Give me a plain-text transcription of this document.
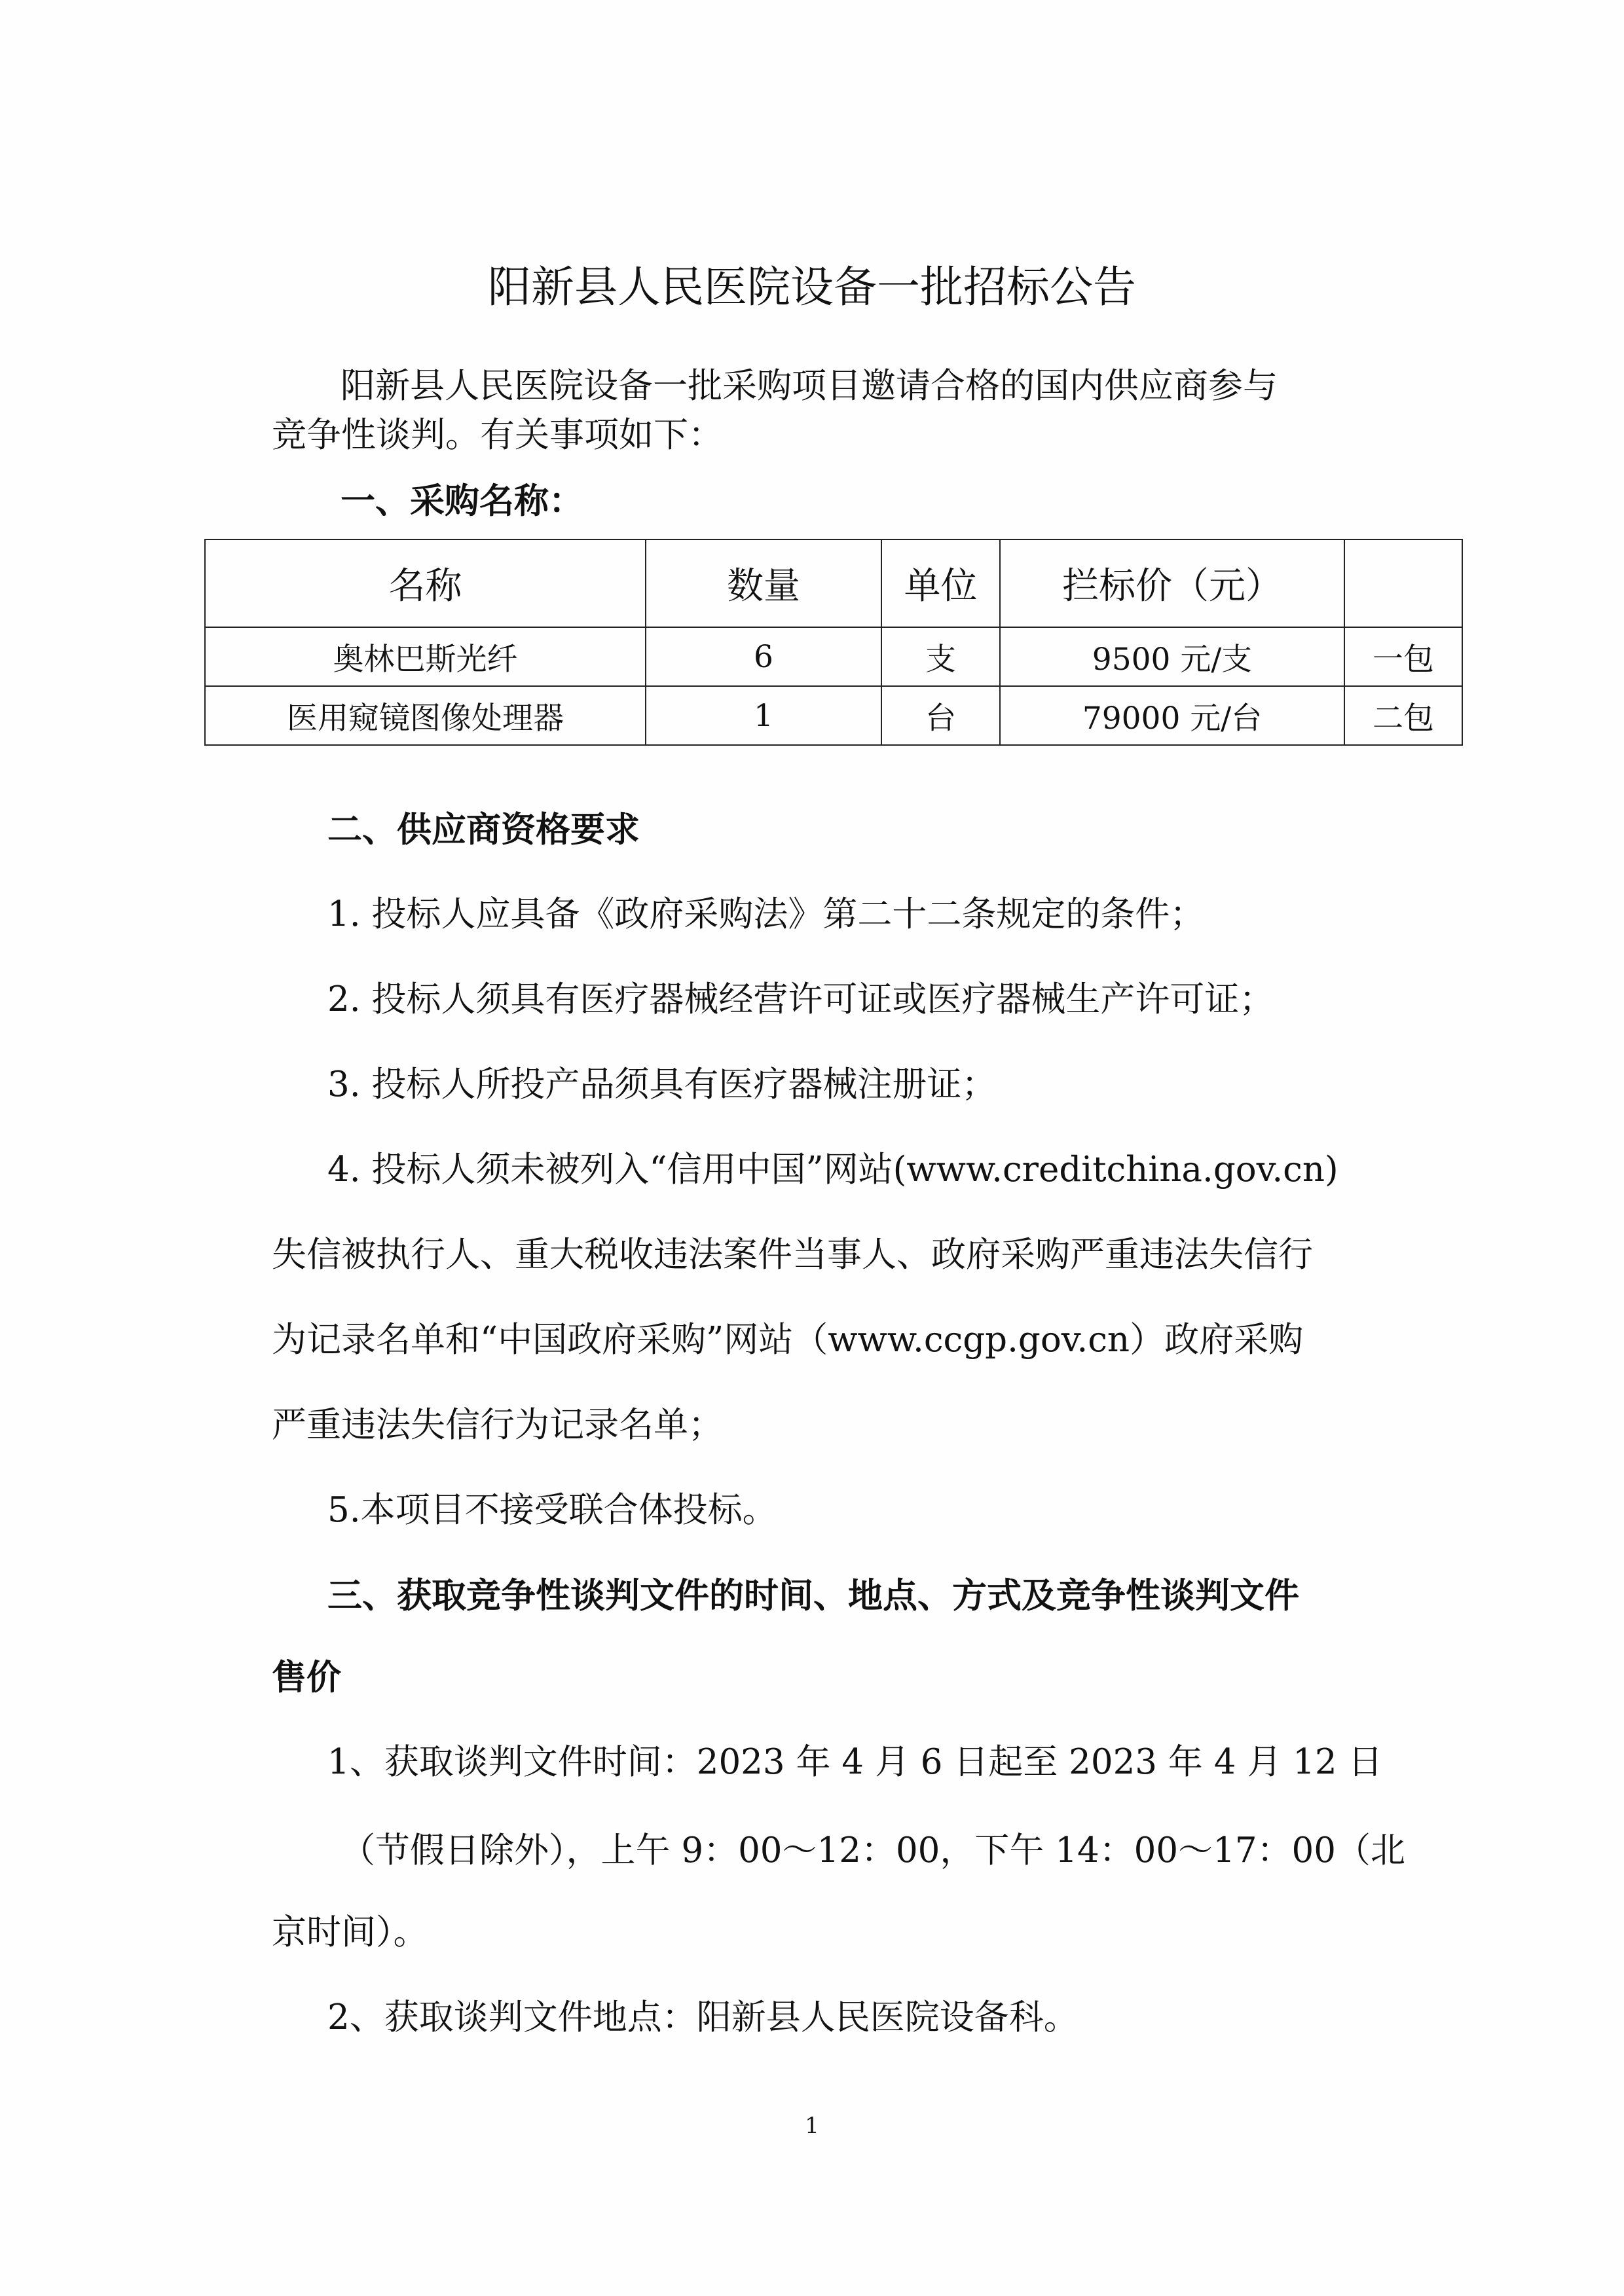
阳新县人民医院设备一批招标公告
阳新县人民医院设备一批采购项目邀请合格的国内供应商参与
竞争性谈判。有关事项如下：
一、采购名称：
名称	数量	单位	拦标价（元）	
奥林巴斯光纤	6	支	9500 元/支	一包
医用窥镜图像处理器	1	台	79000 元/台	二包
二、供应商资格要求
1. 投标人应具备《政府采购法》第二十二条规定的条件；
2. 投标人须具有医疗器械经营许可证或医疗器械生产许可证；
3. 投标人所投产品须具有医疗器械注册证；
4. 投标人须未被列入“信用中国”网站(www.creditchina.gov.cn)
失信被执行人、重大税收违法案件当事人、政府采购严重违法失信行
为记录名单和“中国政府采购”网站（www.ccgp.gov.cn）政府采购
严重违法失信行为记录名单；
5.本项目不接受联合体投标。
三、获取竞争性谈判文件的时间、地点、方式及竞争性谈判文件
售价
1、获取谈判文件时间：2023 年 4 月 6 日起至 2023 年 4 月 12 日
（节假日除外），上午 9：00～12：00，下午 14：00～17：00（北
京时间）。
2、获取谈判文件地点：阳新县人民医院设备科。
1
